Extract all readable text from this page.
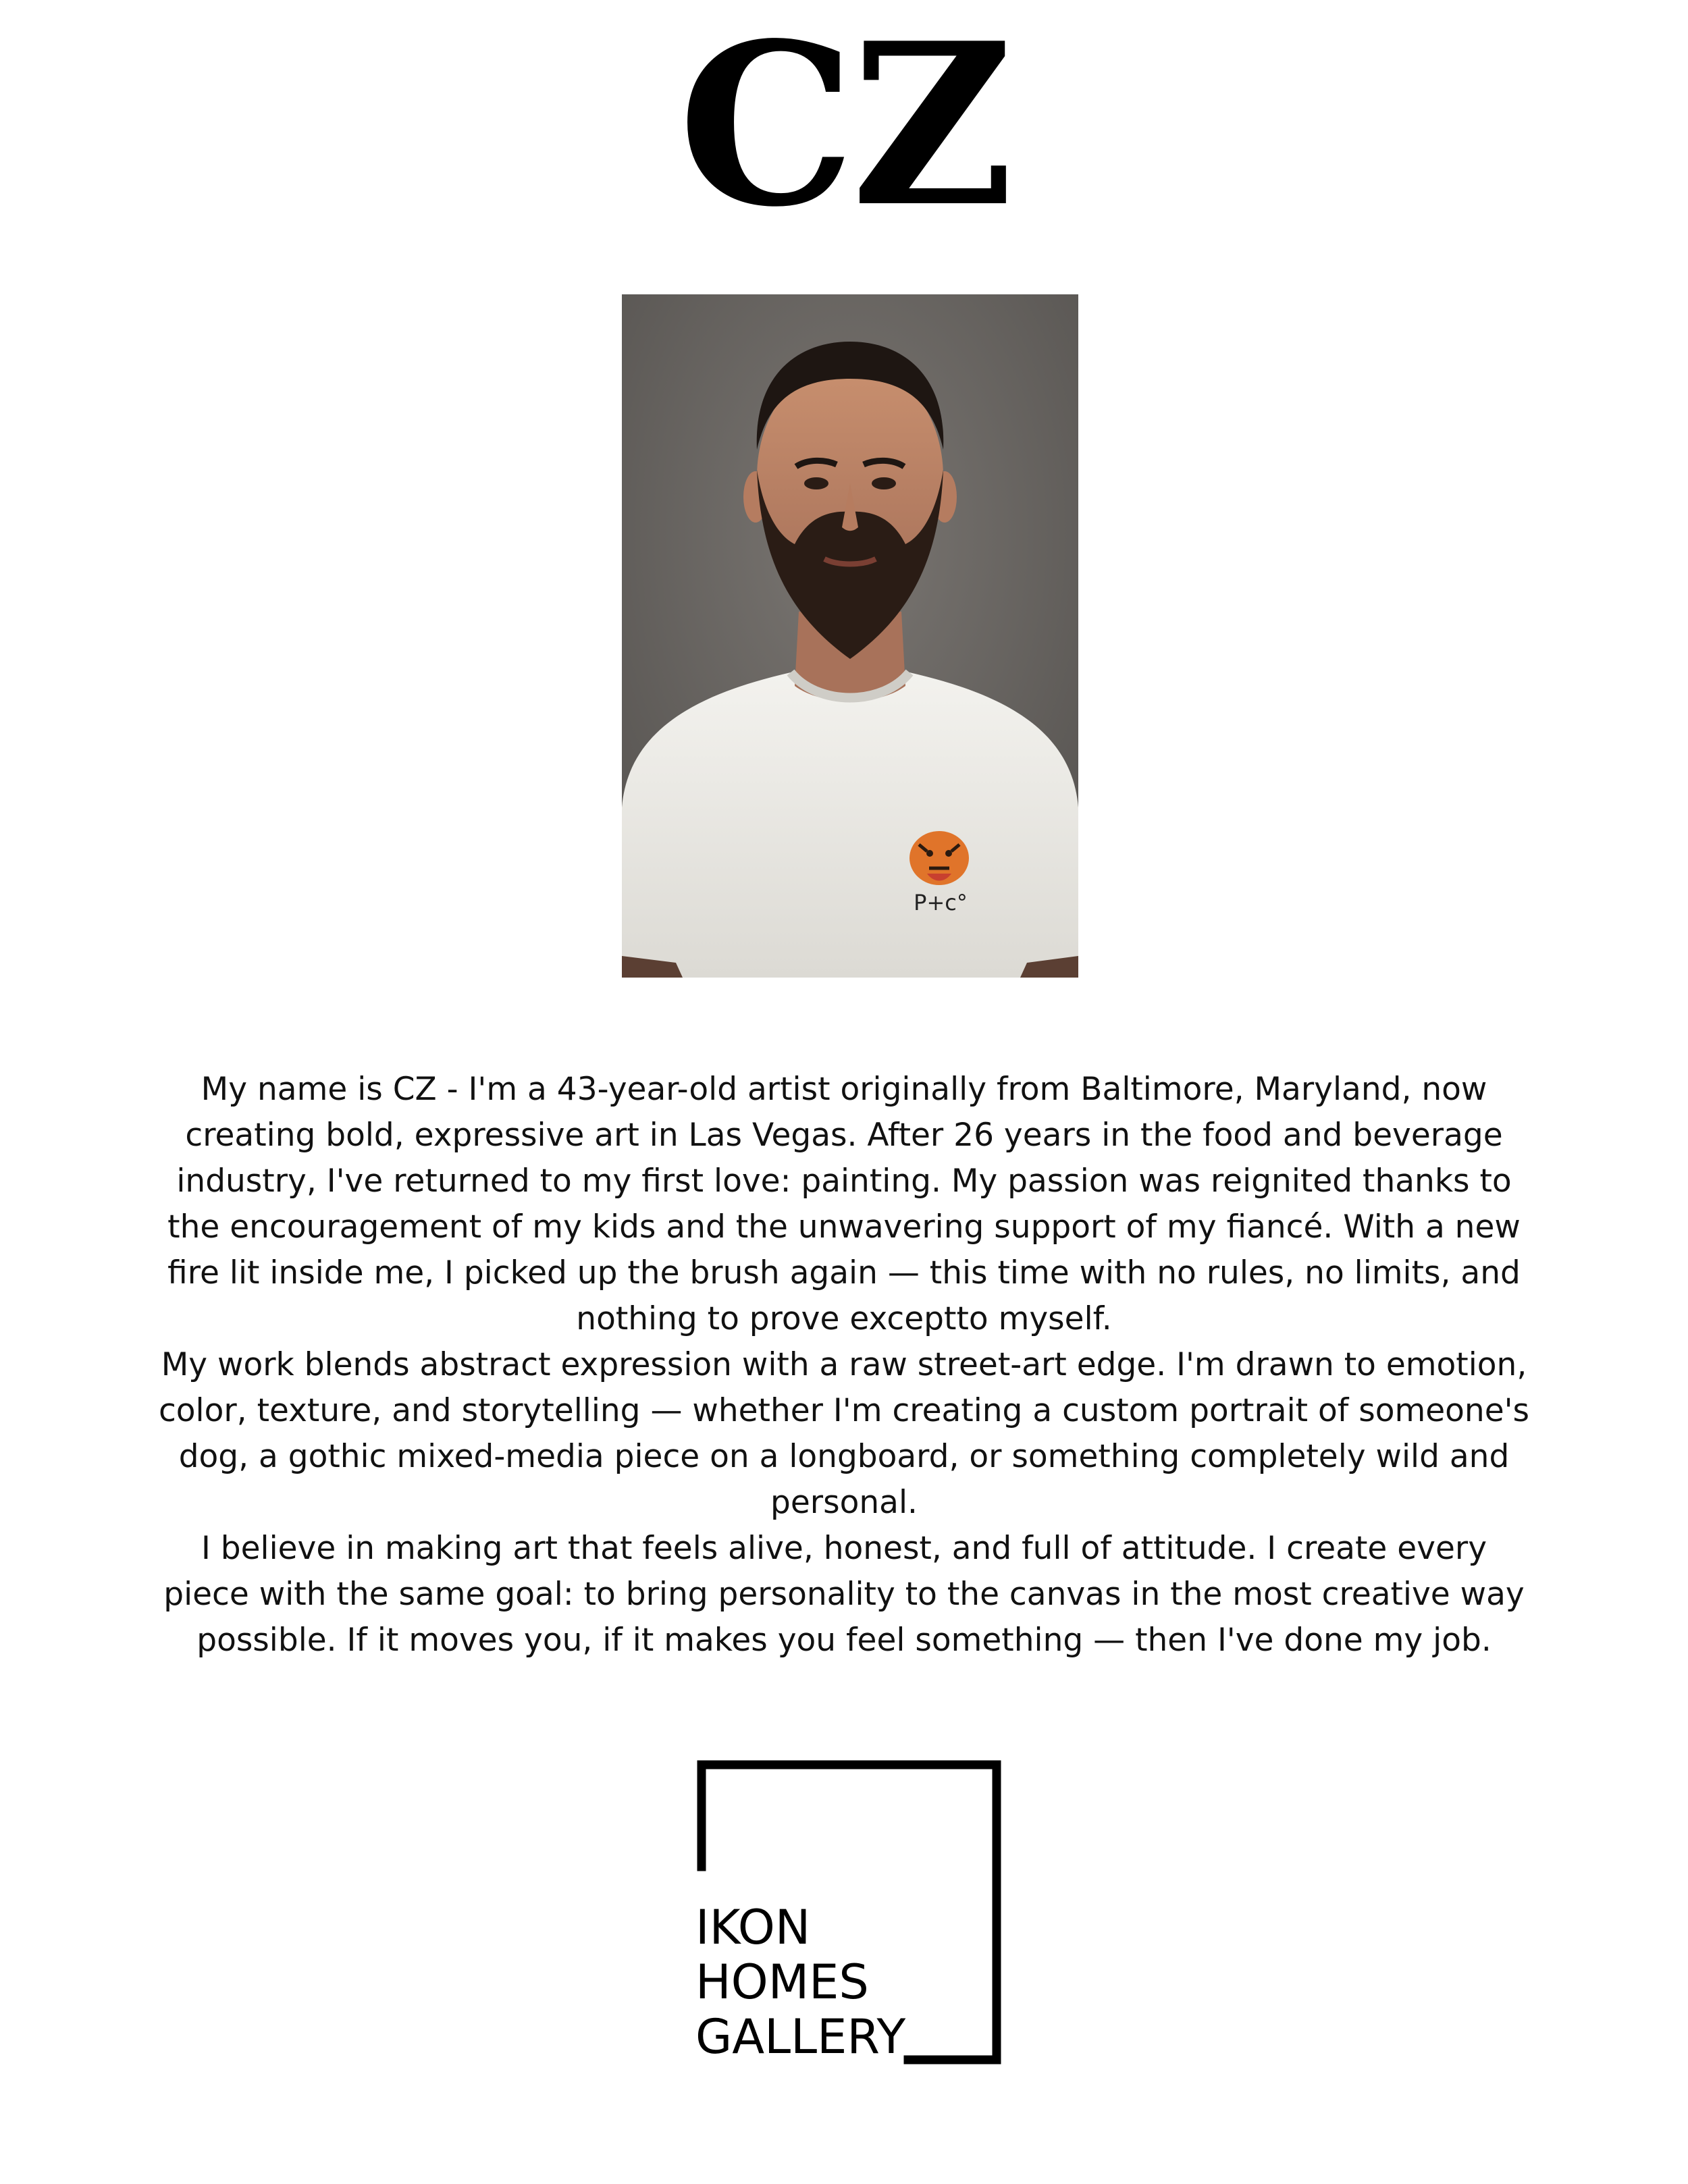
CZ
P+c°

My name is CZ - I'm a 43-year-old artist originally from Baltimore, Maryland, now creating bold, expressive art in Las Vegas. After 26 years in the food and beverage industry, I've returned to my first love: painting. My passion was reignited thanks to the encouragement of my kids and the unwavering support of my fiancé. With a new fire lit inside me, I picked up the brush again — this time with no rules, no limits, and nothing to prove exceptto myself.

My work blends abstract expression with a raw street-art edge. I'm drawn to emotion, color, texture, and storytelling — whether I'm creating a custom portrait of someone's dog, a gothic mixed-media piece on a longboard, or something completely wild and personal.

I believe in making art that feels alive, honest, and full of attitude. I create every piece with the same goal: to bring personality to the canvas in the most creative way possible. If it moves you, if it makes you feel something — then I've done my job.

IKON
HOMES
GALLERY
